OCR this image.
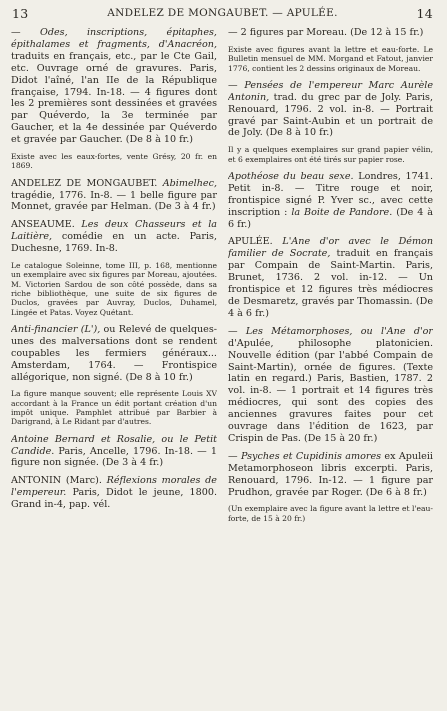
13	ANDELEZ DE MONGAUBET. — APULÉE.	14
— Odes, inscriptions, épitaphes, épithalames et fragments, d'Anacréon, traduits en français, etc., par le Cte Gail, etc. Ouvrage orné de gravures. Paris, Didot l'aîné, l'an IIe de la République française, 1794. In-18. — 4 figures dont les 2 premières sont dessinées et gravées par Quéverdo, la 3e terminée par Gaucher, et la 4e dessinée par Quéverdo et gravée par Gaucher. (De 8 à 10 fr.)
Existe avec les eaux-fortes, vente Grésy, 20 fr. en 1869.
ANDELEZ DE MONGAUBET. Abimelhec, tragédie, 1776. In-8. — 1 belle figure par Monnet, gravée par Helman. (De 3 à 4 fr.)
ANSEAUME. Les deux Chasseurs et la Laitière, comédie en un acte. Paris, Duchesne, 1769. In-8.
Le catalogue Soleinne, tome III, p. 168, mentionne un exemplaire avec six figures par Moreau, ajoutées. M. Victorien Sardou de son côté possède, dans sa riche bibliothèque, une suite de six figures de Duclos, gravées par Auvray, Duclos, Duhamel, Lingée et Patas. Voyez Quétant.
Anti-financier (L'), ou Relevé de quelques-unes des malversations dont se rendent coupables les fermiers généraux... Amsterdam, 1764. — Frontispice allégorique, non signé. (De 8 à 10 fr.)
La figure manque souvent; elle représente Louis XV accordant à la France un édit portant création d'un impôt unique. Pamphlet attribué par Barbier à Darigrand, à Le Ridant par d'autres.
Antoine Bernard et Rosalie, ou le Petit Candide. Paris, Ancelle, 1796. In-18. — 1 figure non signée. (De 3 à 4 fr.)
ANTONIN (Marc). Réflexions morales de l'empereur. Paris, Didot le jeune, 1800. Grand in-4, pap. vél.
— 2 figures par Moreau. (De 12 à 15 fr.)
Existe avec figures avant la lettre et eau-forte. Le Bulletin mensuel de MM. Morgand et Fatout, janvier 1776, contient les 2 dessins originaux de Moreau.
— Pensées de l'empereur Marc Aurèle Antonin, trad. du grec par de Joly. Paris, Renouard, 1796. 2 vol. in-8. — Portrait gravé par Saint-Aubin et un portrait de de Joly. (De 8 à 10 fr.)
Il y a quelques exemplaires sur grand papier vélin, et 6 exemplaires ont été tirés sur papier rose.
Apothéose du beau sexe. Londres, 1741. Petit in-8. — Titre rouge et noir, frontispice signé P. Yver sc., avec cette inscription : la Boite de Pandore. (De 4 à 6 fr.)
APULÉE. L'Ane d'or avec le Démon familier de Socrate, traduit en français par Compain de Saint-Martin. Paris, Brunet, 1736. 2 vol. in-12. — Un frontispice et 12 figures très médiocres de Desmaretz, gravés par Thomassin. (De 4 à 6 fr.)
— Les Métamorphoses, ou l'Ane d'or d'Apulée, philosophe platonicien. Nouvelle édition (par l'abbé Compain de Saint-Martin), ornée de figures. (Texte latin en regard.) Paris, Bastien, 1787. 2 vol. in-8. — 1 portrait et 14 figures très médiocres, qui sont des copies des anciennes gravures faites pour cet ouvrage dans l'édition de 1623, par Crispin de Pas. (De 15 à 20 fr.)
— Psyches et Cupidinis amores ex Apuleii Metamorphoseon libris excerpti. Paris, Renouard, 1796. In-12. — 1 figure par Prudhon, gravée par Roger. (De 6 à 8 fr.)
(Un exemplaire avec la figure avant la lettre et l'eau-forte, de 15 à 20 fr.)
